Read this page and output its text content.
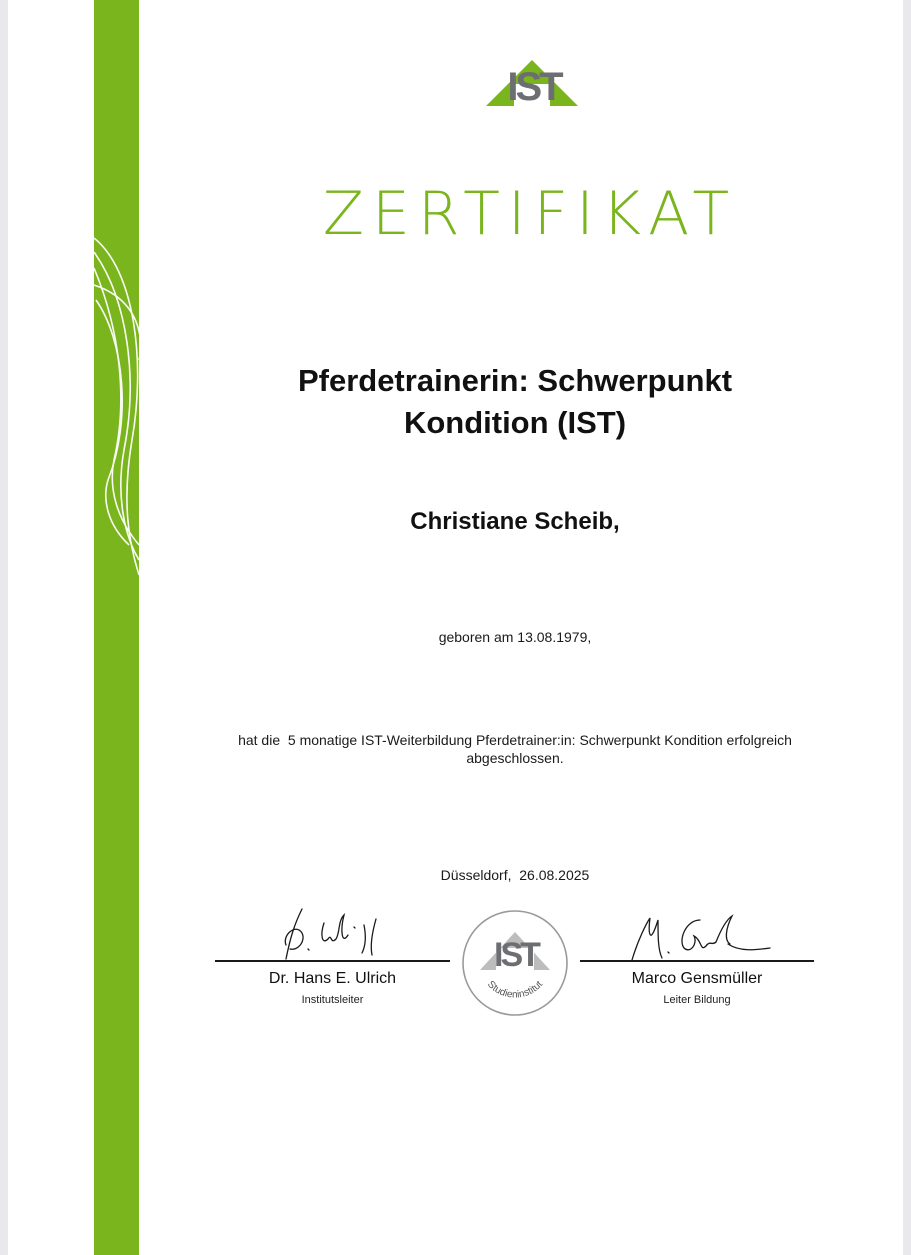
IST
ZERTIFIKAT
Pferdetrainerin: Schwerpunkt
Kondition (IST)
Christiane Scheib,
geboren am 13.08.1979,
hat die  5 monatige IST-Weiterbildung Pferdetrainer:in: Schwerpunkt Kondition erfolgreich
abgeschlossen.
Düsseldorf,  26.08.2025
Dr. Hans E. Ulrich
Institutsleiter
IST
Studieninstitut	Marco Gensmüller
Leiter Bildung
